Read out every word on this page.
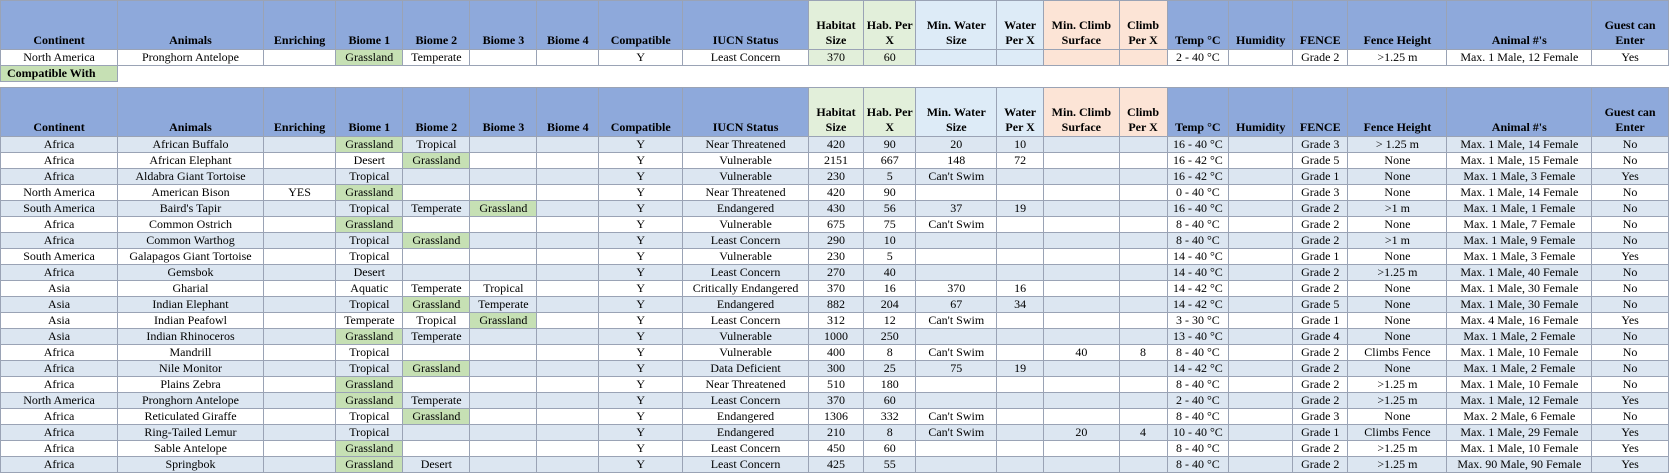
Continent	Animals	Enriching	Biome 1	Biome 2	Biome 3	Biome 4	Compatible	IUCN Status	Habitat Size	Hab. Per X	Min. Water Size	Water Per X	Min. Climb Surface	Climb Per X	Temp °C	Humidity	FENCE	Fence Height	Animal #'s	Guest can Enter
North America	Pronghorn Antelope		Grassland	Temperate			Y	Least Concern	370	60					2 - 40 °C		Grade 2	>1.25 m	Max. 1 Male, 12 Female	Yes
Compatible With																				

Continent	Animals	Enriching	Biome 1	Biome 2	Biome 3	Biome 4	Compatible	IUCN Status	Habitat Size	Hab. Per X	Min. Water Size	Water Per X	Min. Climb Surface	Climb Per X	Temp °C	Humidity	FENCE	Fence Height	Animal #'s	Guest can Enter
Africa	African Buffalo		Grassland	Tropical			Y	Near Threatened	420	90	20	10			16 - 40 °C		Grade 3	> 1.25 m	Max. 1 Male, 14 Female	No
Africa	African Elephant		Desert	Grassland			Y	Vulnerable	2151	667	148	72			16 - 42 °C		Grade 5	None	Max. 1 Male, 15 Female	No
Africa	Aldabra Giant Tortoise		Tropical				Y	Vulnerable	230	5	Can't Swim				16 - 42 °C		Grade 1	None	Max. 1 Male, 3 Female	Yes
North America	American Bison	YES	Grassland				Y	Near Threatened	420	90					0 - 40 °C		Grade 3	None	Max. 1 Male, 14 Female	No
South America	Baird's Tapir		Tropical	Temperate	Grassland		Y	Endangered	430	56	37	19			16 - 40 °C		Grade 2	>1 m	Max. 1 Male, 1 Female	No
Africa	Common Ostrich		Grassland				Y	Vulnerable	675	75	Can't Swim				8 - 40 °C		Grade 2	None	Max. 1 Male, 7 Female	No
Africa	Common Warthog		Tropical	Grassland			Y	Least Concern	290	10					8 - 40 °C		Grade 2	>1 m	Max. 1 Male, 9 Female	No
South America	Galapagos Giant Tortoise		Tropical				Y	Vulnerable	230	5					14 - 40 °C		Grade 1	None	Max. 1 Male, 3 Female	Yes
Africa	Gemsbok		Desert				Y	Least Concern	270	40					14 - 40 °C		Grade 2	>1.25 m	Max. 1 Male, 40 Female	No
Asia	Gharial		Aquatic	Temperate	Tropical		Y	Critically Endangered	370	16	370	16			14 - 42 °C		Grade 2	None	Max. 1 Male, 30 Female	No
Asia	Indian Elephant		Tropical	Grassland	Temperate		Y	Endangered	882	204	67	34			14 - 42 °C		Grade 5	None	Max. 1 Male, 30 Female	No
Asia	Indian Peafowl		Temperate	Tropical	Grassland		Y	Least Concern	312	12	Can't Swim				3 - 30 °C		Grade 1	None	Max. 4 Male, 16 Female	Yes
Asia	Indian Rhinoceros		Grassland	Temperate			Y	Vulnerable	1000	250					13 - 40 °C		Grade 4	None	Max. 1 Male, 2 Female	No
Africa	Mandrill		Tropical				Y	Vulnerable	400	8	Can't Swim		40	8	8 - 40 °C		Grade 2	Climbs Fence	Max. 1 Male, 10 Female	No
Africa	Nile Monitor		Tropical	Grassland			Y	Data Deficient	300	25	75	19			14 - 42 °C		Grade 2	None	Max. 1 Male, 2 Female	No
Africa	Plains Zebra		Grassland				Y	Near Threatened	510	180					8 - 40 °C		Grade 2	>1.25 m	Max. 1 Male, 10 Female	No
North America	Pronghorn Antelope		Grassland	Temperate			Y	Least Concern	370	60					2 - 40 °C		Grade 2	>1.25 m	Max. 1 Male, 12 Female	Yes
Africa	Reticulated Giraffe		Tropical	Grassland			Y	Endangered	1306	332	Can't Swim				8 - 40 °C		Grade 3	None	Max. 2 Male, 6 Female	No
Africa	Ring-Tailed Lemur		Tropical				Y	Endangered	210	8	Can't Swim		20	4	10 - 40 °C		Grade 1	Climbs Fence	Max. 1 Male, 29 Female	Yes
Africa	Sable Antelope		Grassland				Y	Least Concern	450	60					8 - 40 °C		Grade 2	>1.25 m	Max. 1 Male, 10 Female	Yes
Africa	Springbok		Grassland	Desert			Y	Least Concern	425	55					8 - 40 °C		Grade 2	>1.25 m	Max. 90 Male, 90 Female	Yes
